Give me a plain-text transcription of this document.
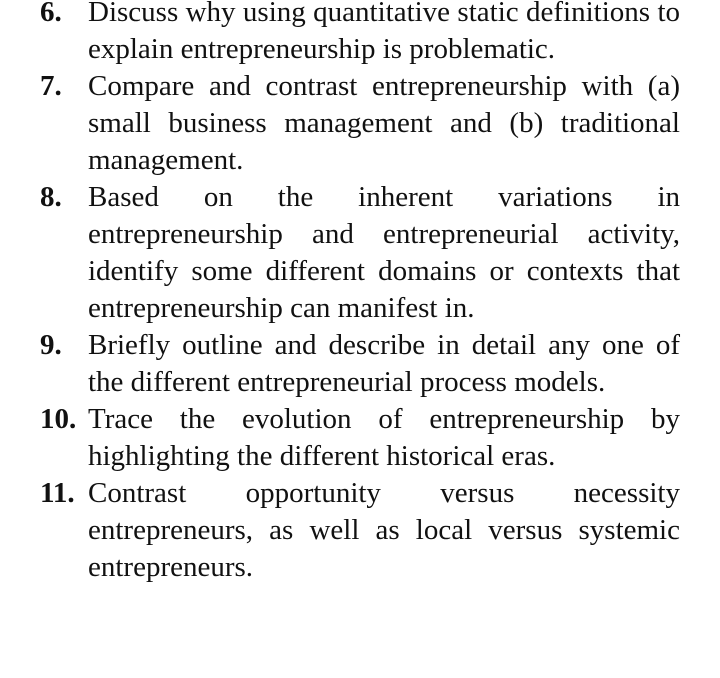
6. Discuss why using quantitative static definitions to explain entrepreneurship is problematic.
7. Compare and contrast entrepreneurship with (a) small business management and (b) traditional management.
8. Based on the inherent variations in entrepreneurship and entrepreneurial activity, identify some different domains or contexts that entrepreneurship can manifest in.
9. Briefly outline and describe in detail any one of the different entrepreneurial process models.
10. Trace the evolution of entrepreneurship by highlighting the different historical eras.
11. Contrast opportunity versus necessity entrepreneurs, as well as local versus systemic entrepreneurs.
